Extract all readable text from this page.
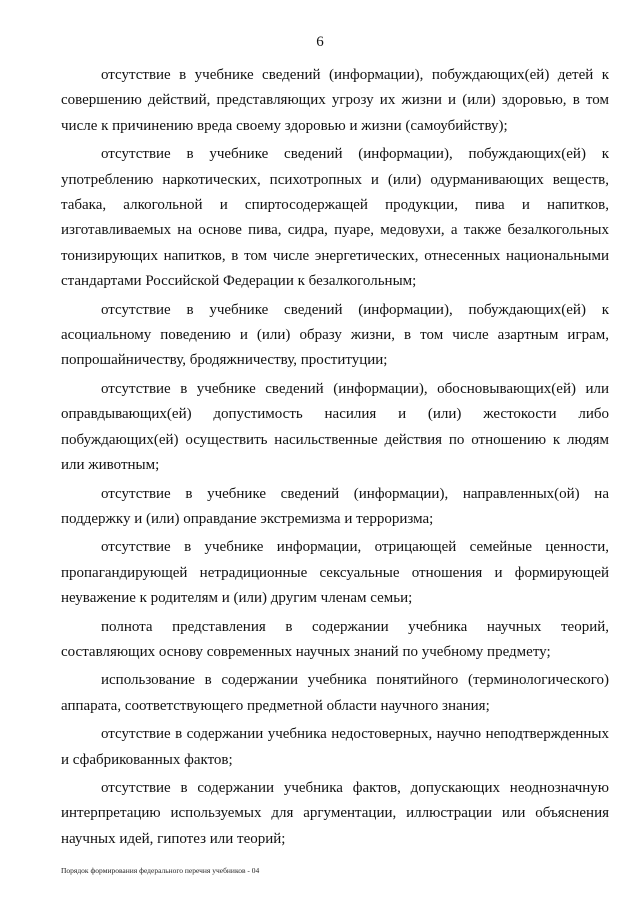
6

отсутствие в учебнике сведений (информации), побуждающих(ей) детей к совершению действий, представляющих угрозу их жизни и (или) здоровью, в том числе к причинению вреда своему здоровью и жизни (самоубийству);

отсутствие в учебнике сведений (информации), побуждающих(ей) к употреблению наркотических, психотропных и (или) одурманивающих веществ, табака, алкогольной и спиртосодержащей продукции, пива и напитков, изготавливаемых на основе пива, сидра, пуаре, медовухи, а также безалкогольных тонизирующих напитков, в том числе энергетических, отнесенных национальными стандартами Российской Федерации к безалкогольным;

отсутствие в учебнике сведений (информации), побуждающих(ей) к асоциальному поведению и (или) образу жизни, в том числе азартным играм, попрошайничеству, бродяжничеству, проституции;

отсутствие в учебнике сведений (информации), обосновывающих(ей) или оправдывающих(ей) допустимость насилия и (или) жестокости либо побуждающих(ей) осуществить насильственные действия по отношению к людям или животным;

отсутствие в учебнике сведений (информации), направленных(ой) на поддержку и (или) оправдание экстремизма и терроризма;

отсутствие в учебнике информации, отрицающей семейные ценности, пропагандирующей нетрадиционные сексуальные отношения и формирующей неуважение к родителям и (или) другим членам семьи;

полнота представления в содержании учебника научных теорий, составляющих основу современных научных знаний по учебному предмету;

использование в содержании учебника понятийного (терминологического) аппарата, соответствующего предметной области научного знания;

отсутствие в содержании учебника недостоверных, научно неподтвержденных и сфабрикованных фактов;

отсутствие в содержании учебника фактов, допускающих неоднозначную интерпретацию используемых для аргументации, иллюстрации или объяснения научных идей, гипотез или теорий;

Порядок формирования федерального перечня учебников - 04
